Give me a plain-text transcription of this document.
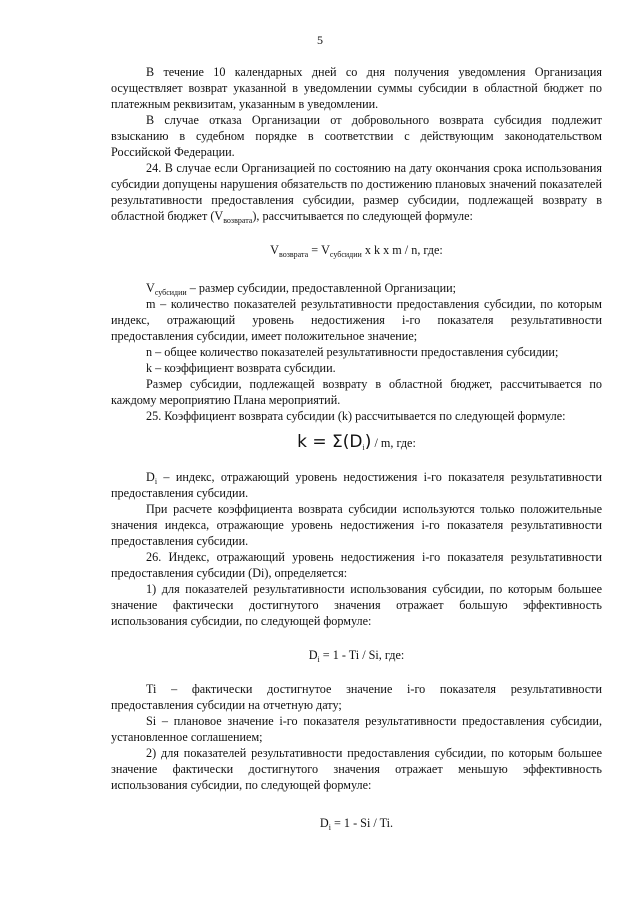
5

В течение 10 календарных дней со дня получения уведомления Организация осуществляет возврат указанной в уведомлении суммы субсидии в областной бюджет по платежным реквизитам, указанным в уведомлении.

В случае отказа Организации от добровольного возврата субсидия подлежит взысканию в судебном порядке в соответствии с действующим законодательством Российской Федерации.

24. В случае если Организацией по состоянию на дату окончания срока использования субсидии допущены нарушения обязательств по достижению плановых значений показателей результативности предоставления субсидии, размер субсидии, подлежащей возврату в областной бюджет $(V_{возврата})$, рассчитывается по следующей формуле:

$V_{возврата} = V_{субсидии}$ x k x m / n, где:

$V_{субсидии}$ – размер субсидии, предоставленной Организации;

m – количество показателей результативности предоставления субсидии, по которым индекс, отражающий уровень недостижения i-го показателя результативности предоставления субсидии, имеет положительное значение;

n – общее количество показателей результативности предоставления субсидии;

k – коэффициент возврата субсидии.

Размер субсидии, подлежащей возврату в областной бюджет, рассчитывается по каждому мероприятию Плана мероприятий.

25. Коэффициент возврата субсидии (k) рассчитывается по следующей формуле:

$k = \Sigma(D_i) / m$, где:

$D_i$ – индекс, отражающий уровень недостижения i-го показателя результативности предоставления субсидии.

При расчете коэффициента возврата субсидии используются только положительные значения индекса, отражающие уровень недостижения i-го показателя результативности предоставления субсидии.

26. Индекс, отражающий уровень недостижения i-го показателя результативности предоставления субсидии (Di), определяется:

1) для показателей результативности использования субсидии, по которым большее значение фактически достигнутого значения отражает большую эффективность использования субсидии, по следующей формуле:

$D_i = 1 - Ti / Si$, где:

Ti – фактически достигнутое значение i-го показателя результативности предоставления субсидии на отчетную дату;

Si – плановое значение i-го показателя результативности предоставления субсидии, установленное соглашением;

2) для показателей результативности предоставления субсидии, по которым большее значение фактически достигнутого значения отражает меньшую эффективность использования субсидии, по следующей формуле:

$D_i = 1 - Si / Ti$.
